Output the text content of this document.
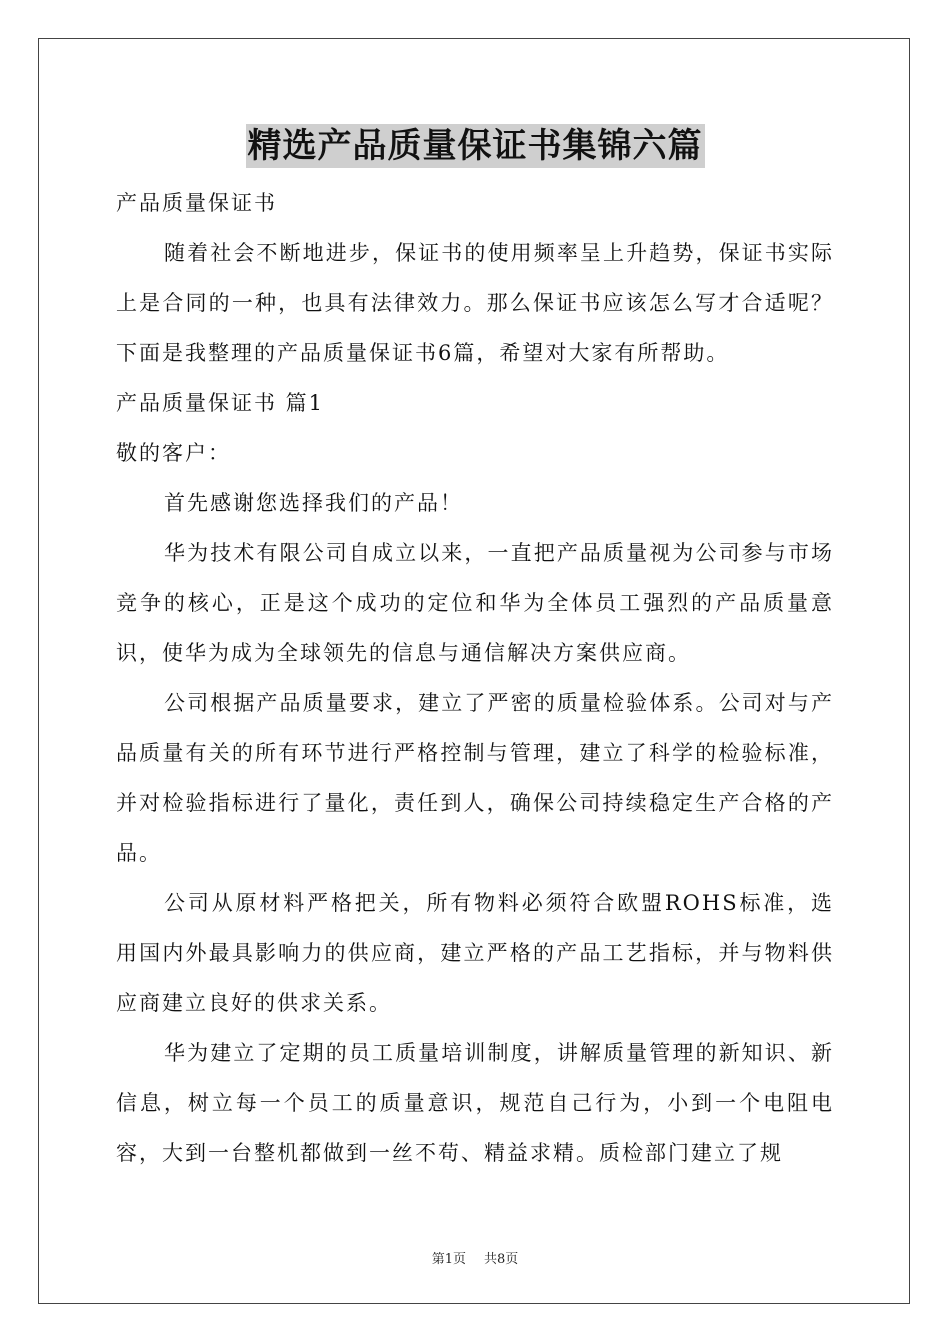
精选产品质量保证书集锦六篇

产品质量保证书

随着社会不断地进步，保证书的使用频率呈上升趋势，保证书实际上是合同的一种，也具有法律效力。那么保证书应该怎么写才合适呢？下面是我整理的产品质量保证书6篇，希望对大家有所帮助。

产品质量保证书 篇1

敬的客户：

首先感谢您选择我们的产品！

华为技术有限公司自成立以来，一直把产品质量视为公司参与市场竞争的核心，正是这个成功的定位和华为全体员工强烈的产品质量意识，使华为成为全球领先的信息与通信解决方案供应商。

公司根据产品质量要求，建立了严密的质量检验体系。公司对与产品质量有关的所有环节进行严格控制与管理，建立了科学的检验标准，并对检验指标进行了量化，责任到人，确保公司持续稳定生产合格的产品。

公司从原材料严格把关，所有物料必须符合欧盟ROHS标准，选用国内外最具影响力的供应商，建立严格的产品工艺指标，并与物料供应商建立良好的供求关系。

华为建立了定期的员工质量培训制度，讲解质量管理的新知识、新信息，树立每一个员工的质量意识，规范自己行为，小到一个电阻电容，大到一台整机都做到一丝不苟、精益求精。质检部门建立了规

第1页 共8页
